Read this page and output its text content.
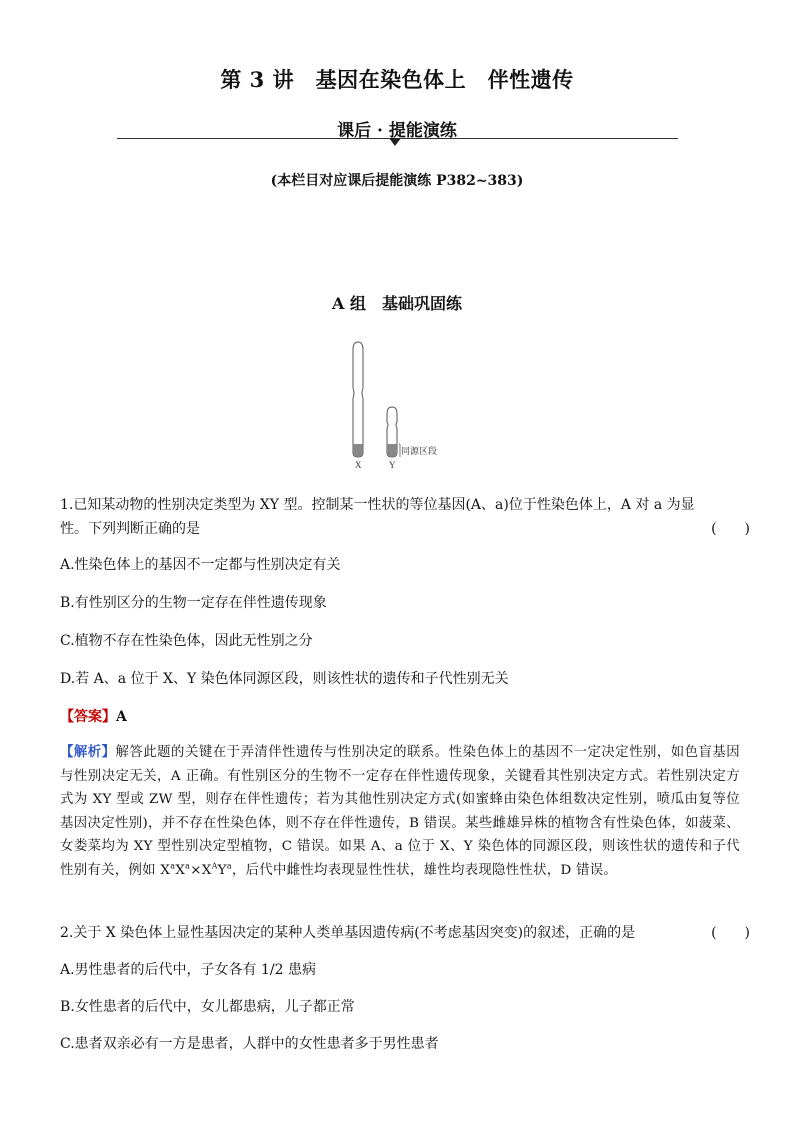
第 3 讲　基因在染色体上　伴性遗传
课后 · 提能演练
(本栏目对应课后提能演练 P382~383)
A 组　基础巩固练
X	Y
同源区段
1.已知某动物的性别决定类型为 XY 型。控制某一性状的等位基因(A、a)位于性染色体上，A 对 a 为显
性。下列判断正确的是	(　　)
A.性染色体上的基因不一定都与性别决定有关
B.有性别区分的生物一定存在伴性遗传现象
C.植物不存在性染色体，因此无性别之分
D.若 A、a 位于 X、Y 染色体同源区段，则该性状的遗传和子代性别无关
【答案】A
【解析】解答此题的关键在于弄清伴性遗传与性别决定的联系。性染色体上的基因不一定决定性别，如色盲基因与性别决定无关，A 正确。有性别区分的生物不一定存在伴性遗传现象，关键看其性别决定方式。若性别决定方式为 XY 型或 ZW 型，则存在伴性遗传；若为其他性别决定方式(如蜜蜂由染色体组数决定性别，喷瓜由复等位基因决定性别)，并不存在性染色体，则不存在伴性遗传，B 错误。某些雌雄异株的植物含有性染色体，如菠菜、女娄菜均为 XY 型性别决定型植物，C 错误。如果 A、a 位于 X、Y 染色体的同源区段，则该性状的遗传和子代性别有关，例如 $X^aX^a\times X^AY^a$，后代中雌性均表现显性性状，雄性均表现隐性性状，D 错误。
2.关于 X 染色体上显性基因决定的某种人类单基因遗传病(不考虑基因突变)的叙述，正确的是	(　　)
A.男性患者的后代中，子女各有 1/2 患病
B.女性患者的后代中，女儿都患病，儿子都正常
C.患者双亲必有一方是患者，人群中的女性患者多于男性患者
